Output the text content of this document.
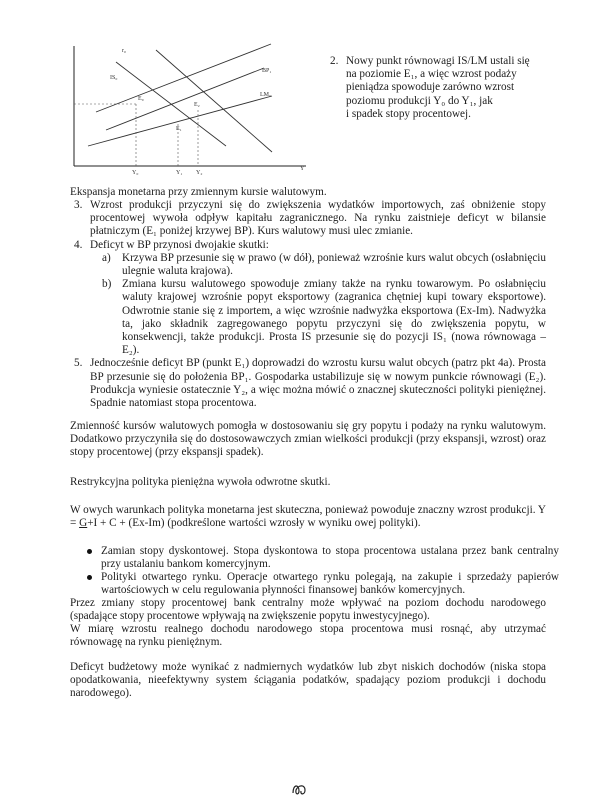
r₀
IS₀
BP₁
LM₀
E₀
E₂
E₁
Y₀	Y₁ Y₂
Y
2. Nowy punkt równowagi IS/LM ustali się
na poziomie E₁, a więc wzrost podaży
pieniądza spowoduje zarówno wzrost
poziomu produkcji Y₀ do Y₁, jak
i spadek stopy procentowej.
Ekspansja monetarna przy zmiennym kursie walutowym.
3. Wzrost produkcji przyczyni się do zwiększenia wydatków importowych, zaś obniżenie stopy procentowej wywoła odpływ kapitału zagranicznego. Na rynku zaistnieje deficyt w bilansie płatniczym (E₁ poniżej krzywej BP). Kurs walutowy musi ulec zmianie.
4. Deficyt w BP przynosi dwojakie skutki:
a) Krzywa BP przesunie się w prawo (w dół), ponieważ wzrośnie kurs walut obcych (osłabnięciu ulegnie waluta krajowa).
b) Zmiana kursu walutowego spowoduje zmiany także na rynku towarowym. Po osłabnięciu waluty krajowej wzrośnie popyt eksportowy (zagranica chętniej kupi towary eksportowe). Odwrotnie stanie się z importem, a więc wzrośnie nadwyżka eksportowa (Ex-Im). Nadwyżka ta, jako składnik zagregowanego popytu przyczyni się do zwiększenia popytu, w konsekwencji, także produkcji. Prosta IS przesunie się do pozycji IS₁ (nowa równowaga – E₂).
5. Jednocześnie deficyt BP (punkt E₁) doprowadzi do wzrostu kursu walut obcych (patrz pkt 4a). Prosta BP przesunie się do położenia BP₁. Gospodarka ustabilizuje się w nowym punkcie równowagi (E₂). Produkcja wyniesie ostatecznie Y₂, a więc można mówić o znacznej skuteczności polityki pieniężnej. Spadnie natomiast stopa procentowa.

Zmienność kursów walutowych pomogła w dostosowaniu się gry popytu i podaży na rynku walutowym. Dodatkowo przyczyniła się do dostosowawczych zmian wielkości produkcji (przy ekspansji, wzrost) oraz stopy procentowej (przy ekspansji spadek).

Restrykcyjna polityka pieniężna wywoła odwrotne skutki.

W owych warunkach polityka monetarna jest skuteczna, ponieważ powoduje znaczny wzrost produkcji. Y = G+I + C + (Ex-Im) (podkreślone wartości wzrosły w wyniku owej polityki).

Zamian stopy dyskontowej. Stopa dyskontowa to stopa procentowa ustalana przez bank centralny przy ustalaniu bankom komercyjnym.
Polityki otwartego rynku. Operacje otwartego rynku polegają, na zakupie i sprzedaży papierów wartościowych w celu regulowania płynności finansowej banków komercyjnych.

Przez zmiany stopy procentowej bank centralny może wpływać na poziom dochodu narodowego (spadające stopy procentowe wpływają na zwiększenie popytu inwestycyjnego).

W miarę wzrostu realnego dochodu narodowego stopa procentowa musi rosnąć, aby utrzymać równowagę na rynku pieniężnym.

Deficyt budżetowy może wynikać z nadmiernych wydatków lub zbyt niskich dochodów (niska stopa opodatkowania, nieefektywny system ściągania podatków, spadający poziom produkcji i dochodu narodowego).
